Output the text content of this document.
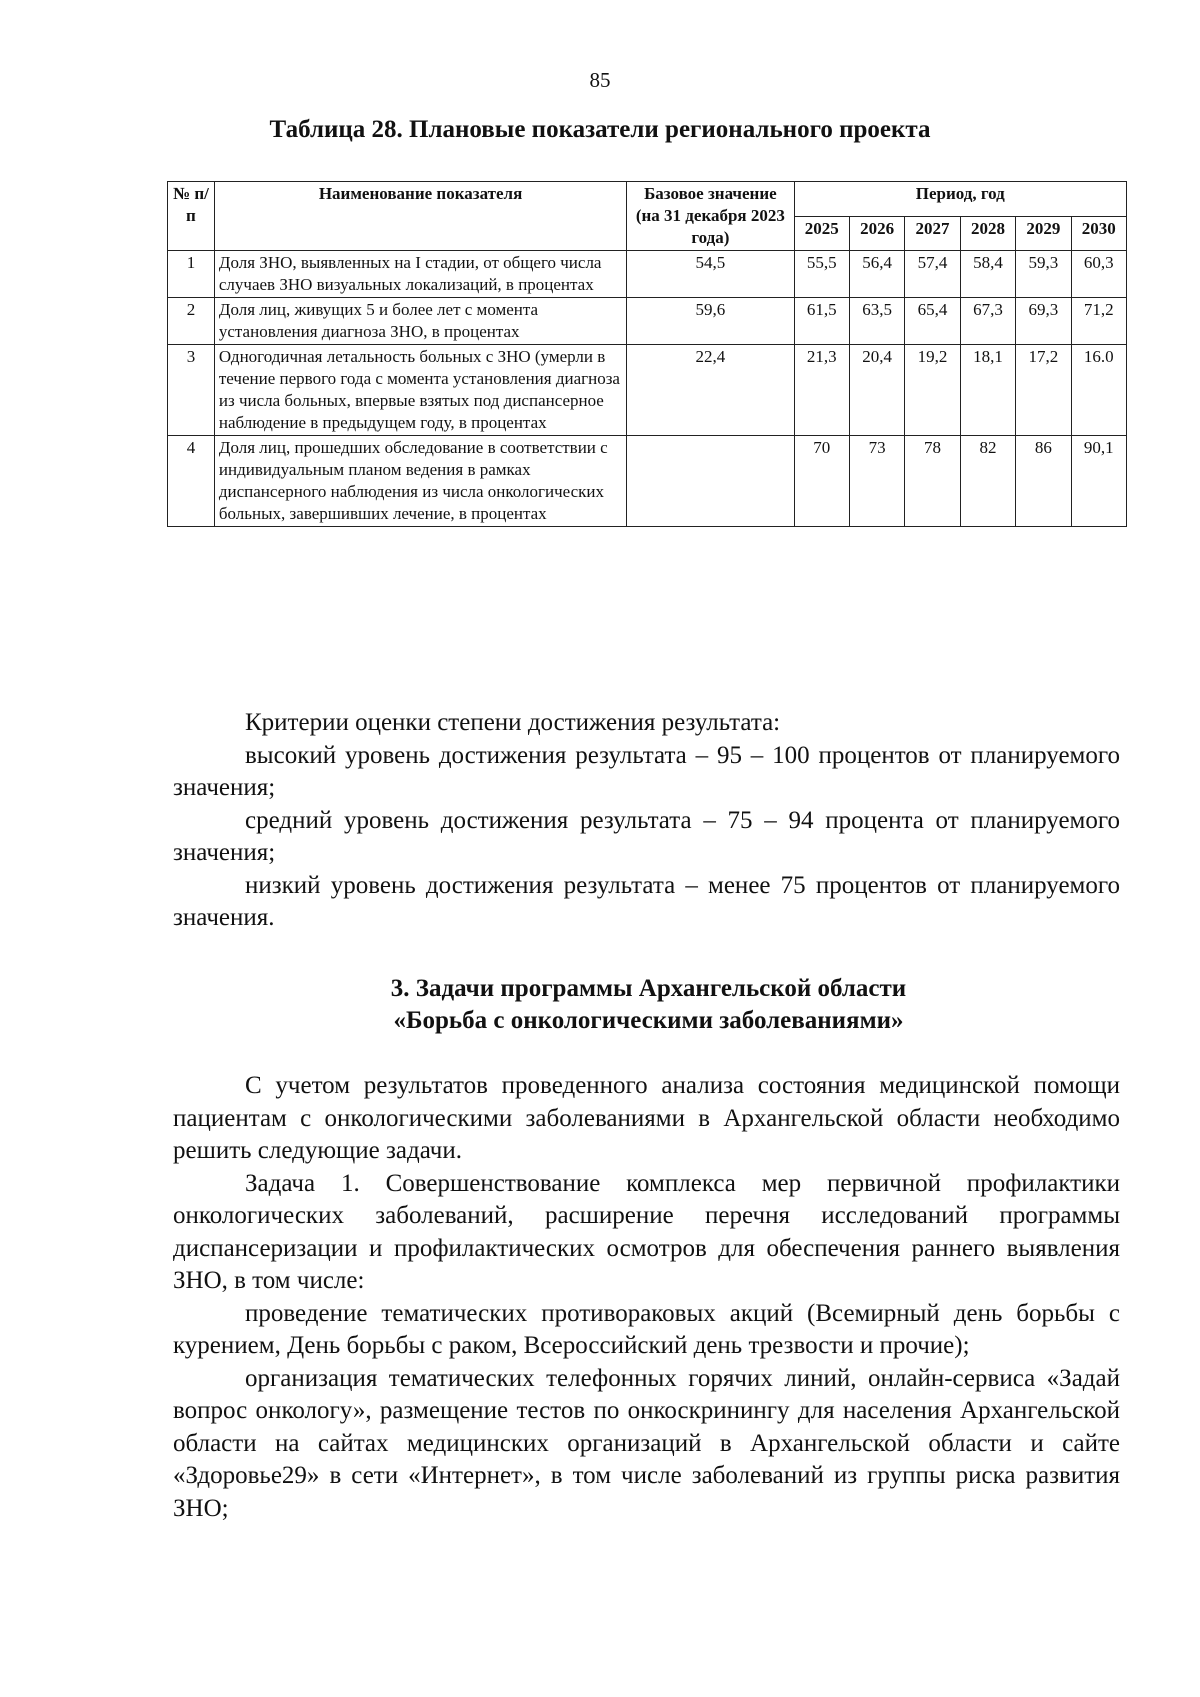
85
Таблица 28. Плановые показатели регионального проекта
№ п/п	Наименование показателя	Базовое значение (на 31 декабря 2023 года)	Период, год					
			2025	2026	2027	2028	2029	2030
1	Доля ЗНО, выявленных на I стадии, от общего числа случаев ЗНО визуальных локализаций, в процентах	54,5	55,5	56,4	57,4	58,4	59,3	60,3
2	Доля лиц, живущих 5 и более лет с момента установления диагноза ЗНО, в процентах	59,6	61,5	63,5	65,4	67,3	69,3	71,2
3	Одногодичная летальность больных с ЗНО (умерли в течение первого года с момента установления диагноза из числа больных, впервые взятых под диспансерное наблюдение в предыдущем году, в процентах	22,4	21,3	20,4	19,2	18,1	17,2	16.0
4	Доля лиц, прошедших обследование в соответствии с индивидуальным планом ведения в рамках диспансерного наблюдения из числа онкологических больных, завершивших лечение, в процентах		70	73	78	82	86	90,1

Критерии оценки степени достижения результата:

высокий уровень достижения результата – 95 – 100 процентов от планируемого значения;

средний уровень достижения результата – 75 – 94 процента от планируемого значения;

низкий уровень достижения результата – менее 75 процентов от планируемого значения.

3. Задачи программы Архангельской области
«Борьба с онкологическими заболеваниями»

С учетом результатов проведенного анализа состояния медицинской помощи пациентам с онкологическими заболеваниями в Архангельской области необходимо решить следующие задачи.

Задача 1. Совершенствование комплекса мер первичной профилактики онкологических заболеваний, расширение перечня исследований программы диспансеризации и профилактических осмотров для обеспечения раннего выявления ЗНО, в том числе:

проведение тематических противораковых акций (Всемирный день борьбы с курением, День борьбы с раком, Всероссийский день трезвости и прочие);

организация тематических телефонных горячих линий, онлайн-сервиса «Задай вопрос онкологу», размещение тестов по онкоскринингу для населения Архангельской области на сайтах медицинских организаций в Архангельской области и сайте «Здоровье29» в сети «Интернет», в том числе заболеваний из группы риска развития ЗНО;
